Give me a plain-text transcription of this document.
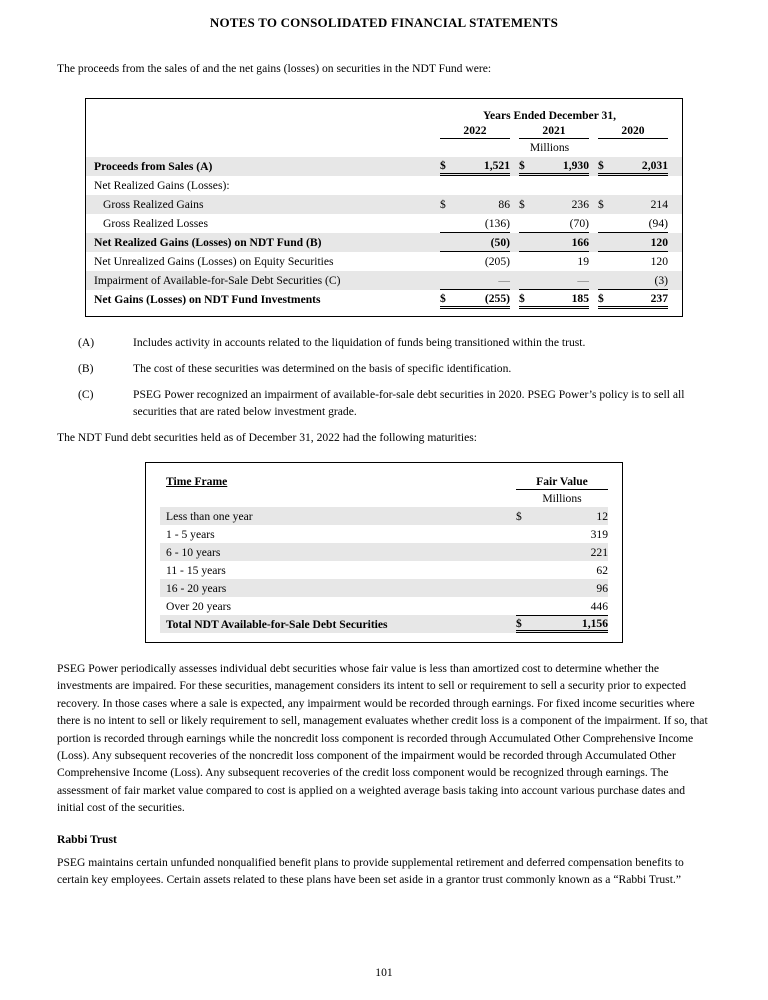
NOTES TO CONSOLIDATED FINANCIAL STATEMENTS

The proceeds from the sales of and the net gains (losses) on securities in the NDT Fund were:

Years Ended December 31,
2022	2021	2020
Millions
Proceeds from Sales (A)	$	1,521 $	1,930 $	2,031
Net Realized Gains (Losses):
Gross Realized Gains	$	86 $	236 $	214
Gross Realized Losses	(136)	(70)	(94)
Net Realized Gains (Losses) on NDT Fund (B)	(50)	166	120
Net Unrealized Gains (Losses) on Equity Securities	(205)	19	120
Impairment of Available-for-Sale Debt Securities (C)	—	—	(3)
Net Gains (Losses) on NDT Fund Investments	$	(255) $	185 $	237
(A)	Includes activity in accounts related to the liquidation of funds being transitioned within the trust.
(B)	The cost of these securities was determined on the basis of specific identification.
(C)	PSEG Power recognized an impairment of available-for-sale debt securities in 2020. PSEG Power’s policy is to sell all securities that are rated below investment grade.

The NDT Fund debt securities held as of December 31, 2022 had the following maturities:

Time Frame	Fair Value
Millions
Less than one year	$	12
1 - 5 years	319
6 - 10 years	221
11 - 15 years	62
16 - 20 years	96
Over 20 years	446
Total NDT Available-for-Sale Debt Securities	$	1,156

PSEG Power periodically assesses individual debt securities whose fair value is less than amortized cost to determine whether the investments are impaired. For these securities, management considers its intent to sell or requirement to sell a security prior to expected recovery. In those cases where a sale is expected, any impairment would be recorded through earnings. For fixed income securities where there is no intent to sell or likely requirement to sell, management evaluates whether credit loss is a component of the impairment. If so, that portion is recorded through earnings while the noncredit loss component is recorded through Accumulated Other Comprehensive Income (Loss). Any subsequent recoveries of the noncredit loss component of the impairment would be recorded through Accumulated Other Comprehensive Income (Loss). Any subsequent recoveries of the credit loss component would be recognized through earnings. The assessment of fair market value compared to cost is applied on a weighted average basis taking into account various purchase dates and initial cost of the securities.

Rabbi Trust

PSEG maintains certain unfunded nonqualified benefit plans to provide supplemental retirement and deferred compensation benefits to certain key employees. Certain assets related to these plans have been set aside in a grantor trust commonly known as a “Rabbi Trust.”

101
